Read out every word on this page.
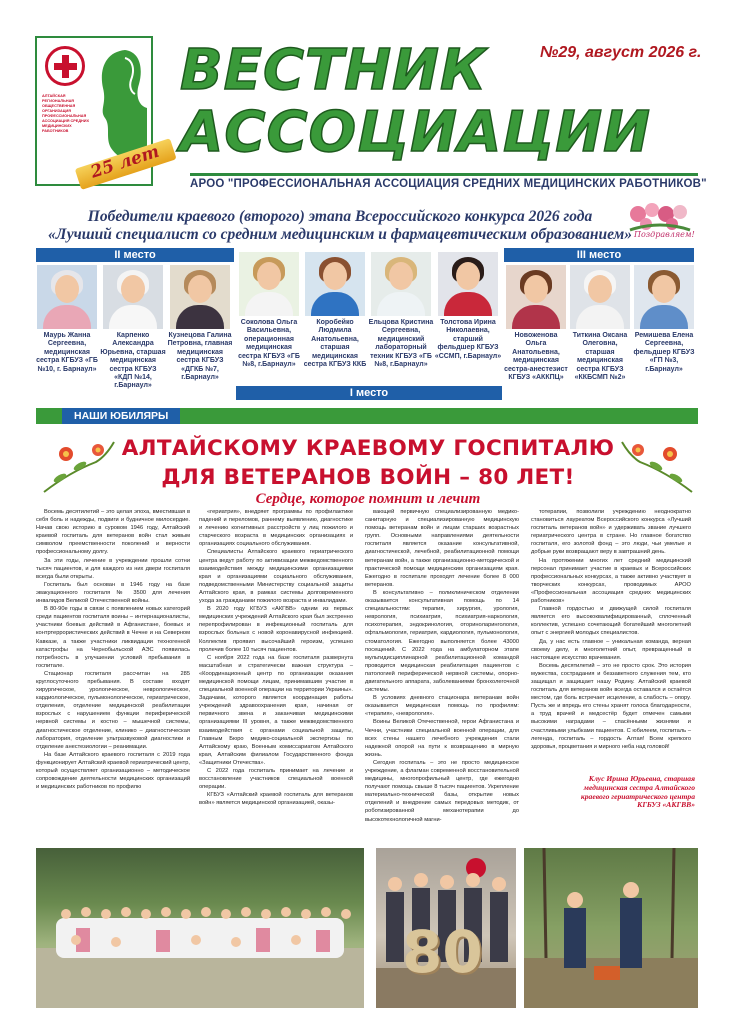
АЛТАЙСКАЯ РЕГИОНАЛЬНАЯ ОБЩЕСТВЕННАЯ ОРГАНИЗАЦИЯ ПРОФЕССИОНАЛЬНАЯ АССОЦИАЦИЯ СРЕДНИХ МЕДИЦИНСКИХ РАБОТНИКОВ
25 лет
ВЕСТНИК
АССОЦИАЦИИ
№29, август 2026 г.
АРОО "ПРОФЕССИОНАЛЬНАЯ АССОЦИАЦИЯ СРЕДНИХ МЕДИЦИНСКИХ РАБОТНИКОВ"
Победители краевого (второго) этапа Всероссийского конкурса 2026 года
«Лучший специалист со средним медицинским и фармацевтическим образованием» Поздравляем!
II место	III место
I место
Маурь Жанна Сергеевна, медицинская сестра КГБУЗ «ГБ №10, г. Барнаул»
Карпенко Александра Юрьевна, старшая медицинская сестра КГБУЗ «КДП №14, г.Барнаул»
Кузнецова Галина Петровна, главная медицинская сестра КГБУЗ «ДГКБ №7, г.Барнаул»
Соколова Ольга Васильевна, операционная медицинская сестра КГБУЗ «ГБ №8, г.Барнаул»
Коробейко Людмила Анатольевна, старшая медицинская сестра КГБУЗ ККБ
Ельцова Кристина Сергеевна, медицинский лабораторный техник КГБУЗ «ГБ №8, г.Барнаул»
Толстова Ирина Николаевна, старший фельдшер КГБУЗ «ССМП, г.Барнаул»
Новоженова Ольга Анатольевна, медицинская сестра-анестезист КГБУЗ «АККПЦ»
Титкина Оксана Олеговна, старшая медицинская сестра КГБУЗ «ККБСМП №2»
Ремишева Елена Сергеевна, фельдшер КГБУЗ «ГП №3, г.Барнаул»
НАШИ ЮБИЛЯРЫ
АЛТАЙСКОМУ КРАЕВОМУ ГОСПИТАЛЮ
ДЛЯ ВЕТЕРАНОВ ВОЙН – 80 ЛЕТ!
Сердце, которое помнит и лечит

Восемь десятилетий – это целая эпоха, вместившая в себя боль и надежды, подвиги и будничное милосердие. Начав свою историю в суровом 1946 году, Алтайский краевой госпиталь для ветеранов войн стал живым символом преемственности поколений и верности профессиональному долгу.

За эти годы, лечение в учреждении прошли сотни тысяч пациентов, и для каждого из них двери госпиталя всегда были открыты.

Госпиталь был основан в 1946 году на базе эвакуационного госпиталя № 3500 для лечения инвалидов Великой Отечественной войны.

В 80-90е годы в связи с появлением новых категорий среди пациентов госпиталя воины – интернационалисты, участники боевых действий в Афганистане, боевых и контртеррористических действий в Чечне и на Северном Кавказе, а также участники ликвидации техногенной катастрофы на Чернобыльской АЭС появилась потребность в улучшении условий пребывания в госпитале.

Стационар госпиталя рассчитан на 285 круглосуточного пребывания. В составе входят хирургическое, урологическое, неврологическое, кардиологическое, пульмонологическое, гериатрическое, отделения, отделение медицинской реабилитации взрослых с нарушением функции периферической нервной системы и костно – мышечной системы, диагностическое отделение, клинико – диагностическая лаборатория, отделение ультразвуковой диагностики и отделение анестезиологии – реанимации.

На базе Алтайского краевого госпиталя с 2019 года функционирует Алтайский краевой гериатрический центр, который осуществляет организационно – методическое сопровождение деятельности медицинских организаций и медицинских работников по профилю

«гериатрия», внедряет программы по профилактике падений и переломов, раннему выявлению, диагностике и лечению когнитивных расстройств у лиц пожилого и старческого возраста в медицинских организациях и организациях социального обслуживания.

Специалисты Алтайского краевого гериатрического центра ведут работу по активизации межведомственного взаимодействия между медицинскими организациями края и организациями социального обслуживания, подведомственными Министерству социальной защиты Алтайского края, в рамках системы долговременного ухода за гражданами пожилого возраста и инвалидами.

В 2020 году КГБУЗ «АКГВВ» одним из первых медицинских учреждений Алтайского края был экстренно перепрофилирован в инфекционный госпиталь для взрослых больных с новой коронавирусной инфекцией. Коллектив проявил высочайший героизм, успешно пролечив более 10 тысяч пациентов.

С ноября 2022 года на базе госпиталя развернута масштабная и стратегически важная структура – «Координационный центр по организации оказания медицинской помощи лицам, принимавшим участие в специальной военной операции на территории Украины». Задачами, которого является координация работы учреждений здравоохранения края, начиная от первичного звена и заканчивая медицинскими организациями III уровня, а также межведомственного взаимодействия с органами социальной защиты, Главным Бюро медико-социальной экспертизы по Алтайскому краю, Военным комиссариатом Алтайского края, Алтайским филиалом Государственного фонда «Защитники Отечества».

С 2022 года госпиталь принимает на лечение и восстановление участников специальной военной операции.

КГБУЗ «Алтайский краевой госпиталь для ветеранов войн» является медицинской организацией, оказы-

вающей первичную специализированную медико-санитарную и специализированную медицинскую помощь ветеранам войн и лицам старших возрастных групп. Основными направлениями деятельности госпиталя является оказание консультативной, диагностической, лечебной, реабилитационной помощи ветеранам войн, а также организационно-методической и практической помощи медицинским организациям края. Ежегодно в госпитале проходят лечение более 8 000 ветеранов.

В консультативно – поликлиническом отделении оказывается консультативная помощь по 14 специальностям: терапия, хирургия, урология, неврология, психиатрия, психиатрия-наркология, психотерапия, эндокринология, оториноларингология, офтальмология, гериатрия, кардиология, пульмонология, стоматология. Ежегодно выполняется более 43000 посещений. С 2022 года на амбулаторном этапе мультидисциплинарной реабилитационной командой проводится медицинская реабилитация пациентов с патологией периферической нервной системы, опорно-двигательного аппарата, заболеваниями бронхолегочной системы.

В условиях дневного стационара ветеранам войн оказывается медицинская помощь по профилям: «терапия», «неврология».

Воины Великой Отечественной, герои Афганистана и Чечни, участники специальной военной операции, для всех стены нашего лечебного учреждения стали надежной опорой на пути к возвращению в мирную жизнь.

Сегодня госпиталь – это не просто медицинское учреждение, а флагман современной восстановительной медицины, многопрофильный центр, где ежегодно получают помощь свыше 8 тысяч пациентов. Укрепление материально-технической базы, открытие новых отделений и внедрение самых передовых методик, от роботизированной механотерапии до высокотехнологичной магни-

тотерапии, позволили учреждению неоднократно становиться лауреатом Всероссийского конкурса «Лучший госпиталь ветеранов войн» и удерживать звание лучшего гериатрического центра в стране. Но главное богатство госпиталя, его золотой фонд – это люди, чьи умелые и добрые руки возвращают веру в завтрашний день.

На протяжении многих лет средний медицинский персонал принимает участие в краевых и Всероссийских профессиональных конкурсах, а также активно участвует в творческих конкурсах, проводимых АРОО «Профессиональная ассоциация средних медицинских работников»

Главной гордостью и движущей силой госпиталя является его высококвалифицированный, сплоченный коллектив, успешно сочетающий богатейший многолетний опыт с энергией молодых специалистов.

Да, у нас есть главное – уникальная команда, верная своему делу, и многолетний опыт, превращенный в настоящее искусство врачевания.

Восемь десятилетий – это не просто срок. Это история мужества, сострадания и беззаветного служения тем, кто защищал и защищает нашу Родину. Алтайский краевой госпиталь для ветеранов войн всегда оставался и остаётся местом, где боль встречает исцеление, а слабость – опору. Пусть же и впредь его стены хранят голоса благодарности, а труд врачей и медсестёр будет отмечен самыми высокими наградами – спасёнными жизнями и счастливыми улыбками пациентов. С юбилеем, госпиталь – легенда, госпиталь – гордость Алтая! Всем крепкого здоровья, процветания и мирного неба над головой!

Клус Ирина Юрьевна, старшая медицинская сестра Алтайского краевого гериатрического центра КГБУЗ «АКГВВ»
80
